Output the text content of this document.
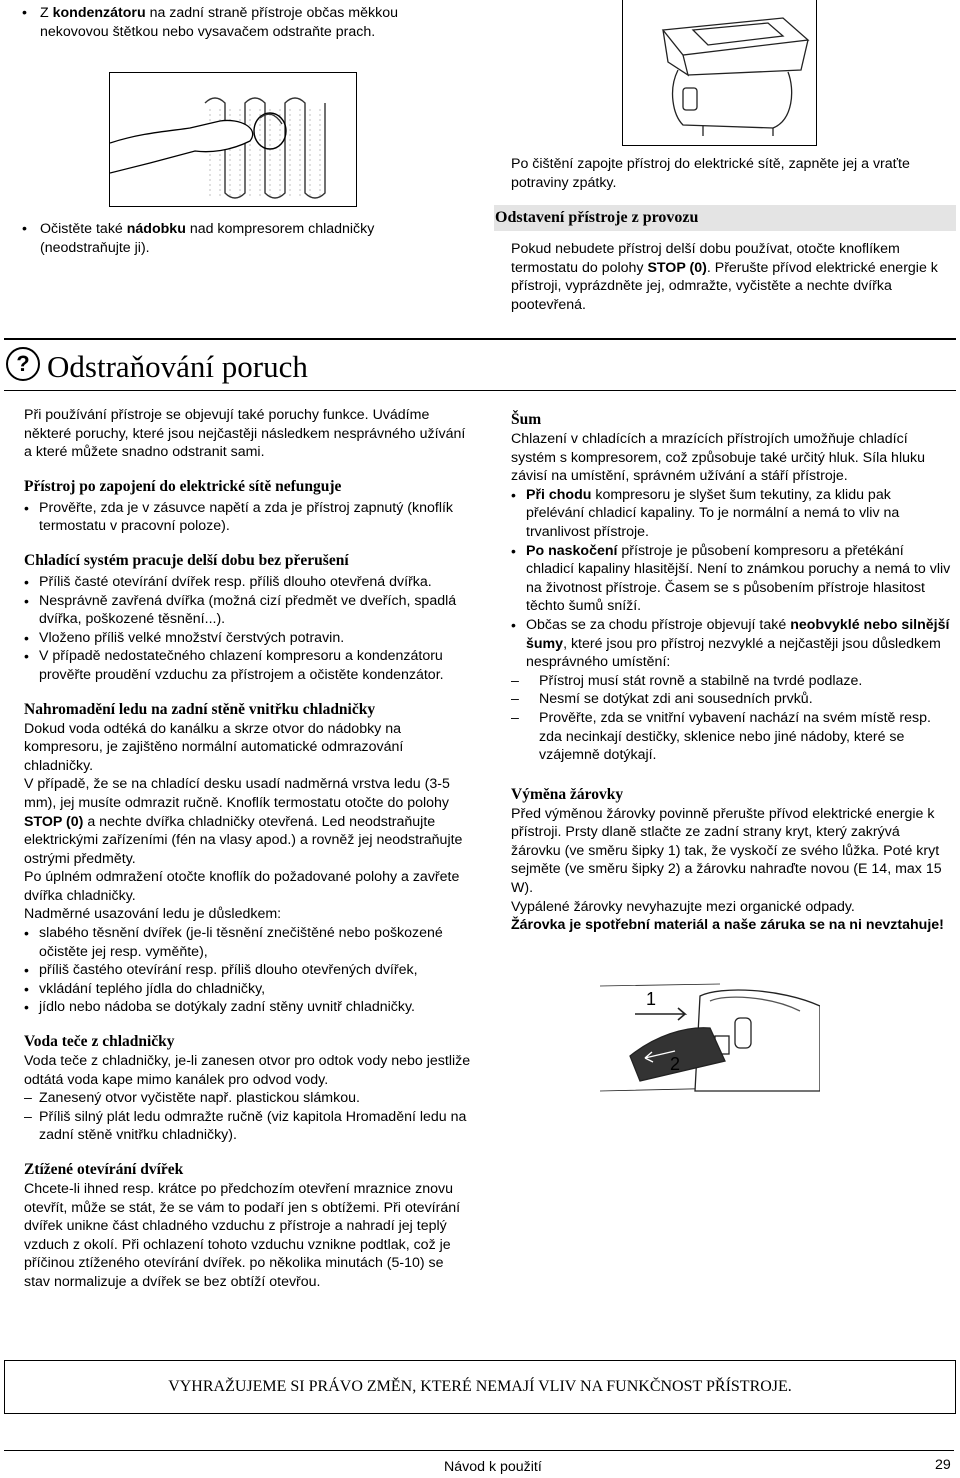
• Z kondenzátoru na zadní straně přístroje občas měkkou nekovovou štětkou nebo vysavačem odstraňte prach.

• Očistěte také nádobku nad kompresorem chladničky (neodstraňujte ji).

Po čištění zapojte přístroj do elektrické sítě, zapněte jej a vraťte potraviny zpátky.

Odstavení přístroje z provozu

Pokud nebudete přístroj delší dobu používat, otočte knoflíkem termostatu do polohy STOP (0). Přerušte přívod elektrické energie k přístroji, vyprázdněte jej, odmražte, vyčistěte a nechte dvířka pootevřená.

? Odstraňování poruch

Při používání přístroje se objevují také poruchy funkce. Uvádíme některé poruchy, které jsou nejčastěji následkem nesprávného užívání a které můžete snadno odstranit sami.

Přístroj po zapojení do elektrické sítě nefunguje
• Prověřte, zda je v zásuvce napětí a zda je přístroj zapnutý (knoflík termostatu v pracovní poloze).
Chladící systém pracuje delší dobu bez přerušení
• Příliš časté otevírání dvířek resp. příliš dlouho otevřená dvířka.
• Nesprávně zavřená dvířka (možná cizí předmět ve dveřích, spadlá dvířka, poškozené těsnění...).
• Vloženo příliš velké množství čerstvých potravin.
• V případě nedostatečného chlazení kompresoru a kondenzátoru prověřte proudění vzduchu za přístrojem a očistěte kondenzátor.
Nahromadění ledu na zadní stěně vnitřku chladničky

Dokud voda odtéká do kanálku a skrze otvor do nádobky na kompresoru, je zajištěno normální automatické odmrazování chladničky.

V případě, že se na chladící desku usadí nadměrná vrstva ledu (3-5 mm), jej musíte odmrazit ručně. Knoflík termostatu otočte do polohy STOP (0) a nechte dvířka chladničky otevřená. Led neodstraňujte elektrickými zařízeními (fén na vlasy apod.) a rovněž jej neodstraňujte ostrými předměty.

Po úplném odmražení otočte knoflík do požadované polohy a zavřete dvířka chladničky.

Nadměrné usazování ledu je důsledkem:

• slabého těsnění dvířek (je-li těsnění znečištěné nebo poškozené očistěte jej resp. vyměňte),
• příliš častého otevírání resp. příliš dlouho otevřených dvířek,
• vkládání teplého jídla do chladničky,
• jídlo nebo nádoba se dotýkaly zadní stěny uvnitř chladničky.
Voda teče z chladničky

Voda teče z chladničky, je-li zanesen otvor pro odtok vody nebo jestliže odtátá voda kape mimo kanálek pro odvod vody.

– Zanesený otvor vyčistěte např. plastickou slámkou.
– Příliš silný plát ledu odmražte ručně (viz kapitola Hromadění ledu na zadní stěně vnitřku chladničky).
Ztížené otevírání dvířek

Chcete-li ihned resp. krátce po předchozím otevření mraznice znovu otevřít, může se stát, že se vám to podaří jen s obtížemi. Při otevírání dvířek unikne část chladného vzduchu z přístroje a nahradí jej teplý vzduch z okolí. Při ochlazení tohoto vzduchu vznikne podtlak, což je příčinou ztíženého otevírání dvířek. po několika minutách (5-10) se stav normalizuje a dvířek se bez obtíží otevřou.

Šum

Chlazení v chladících a mrazících přístrojích umožňuje chladící systém s kompresorem, což způsobuje také určitý hluk. Síla hluku závisí na umístění, správném užívání a stáří přístroje.

• Při chodu kompresoru je slyšet šum tekutiny, za klidu pak přelévání chladicí kapaliny. To je normální a nemá to vliv na trvanlivost přístroje.
• Po naskočení přístroje je působení kompresoru a přetékání chladicí kapaliny hlasitější. Není to známkou poruchy a nemá to vliv na životnost přístroje. Časem se s působením přístroje hlasitost těchto šumů sníží.
• Občas se za chodu přístroje objevují také neobvyklé nebo silnější šumy, které jsou pro přístroj nezvyklé a nejčastěji jsou důsledkem nesprávného umístění:
– Přístroj musí stát rovně a stabilně na tvrdé podlaze.
– Nesmí se dotýkat zdi ani sousedních prvků.
– Prověřte, zda se vnitřní vybavení nachází na svém místě resp. zda necinkají destičky, sklenice nebo jiné nádoby, které se vzájemně dotýkají.
Výměna žárovky

Před výměnou žárovky povinně přerušte přívod elektrické energie k přístroji. Prsty dlaně stlačte ze zadní strany kryt, který zakrývá žárovku (ve směru šipky 1) tak, že vyskočí ze svého lůžka. Poté kryt sejměte (ve směru šipky 2) a žárovku nahraďte novou (E 14, max 15 W).

Vypálené žárovky nevyhazujte mezi organické odpady.

Žárovka je spotřební materiál a naše záruka se na ni nevztahuje!

1
2
VYHRAŽUJEME SI PRÁVO ZMĚN, KTERÉ NEMAJÍ VLIV NA FUNKČNOST PŘÍSTROJE.
Návod k použití	29
